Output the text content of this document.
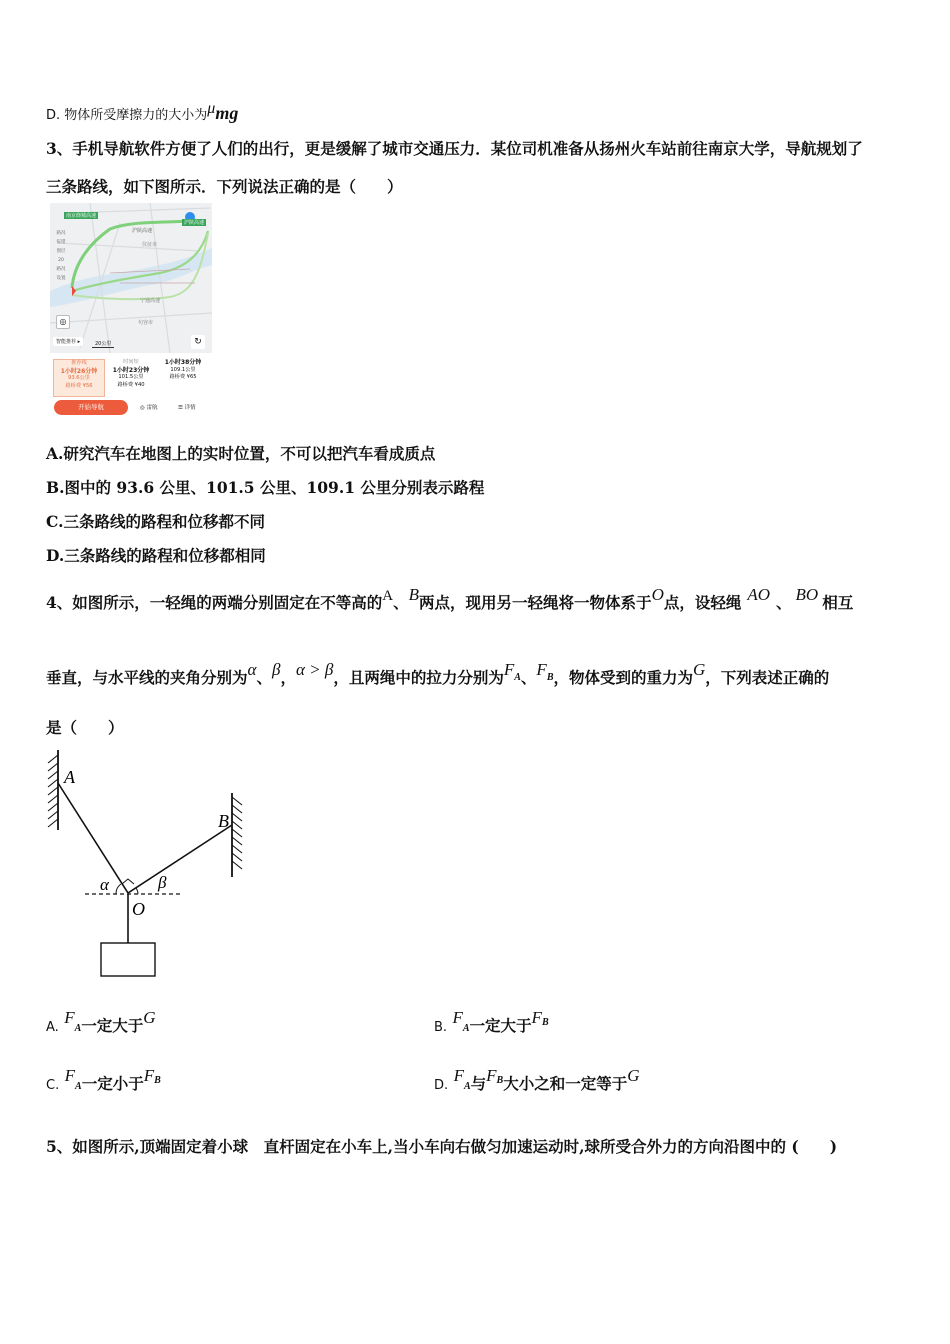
D. 物体所受摩擦力的大小为μmg
3、手机导航软件方便了人们的出行，更是缓解了城市交通压力．某位司机准备从扬州火车站前往南京大学，导航规划了
三条路线，如下图所示．下列说法正确的是（　　）
南京绕城高速
沪陕高速
沪陕高速
仪征市
宁通高速
句容市
路况
报错
图层
20
路况
设置
◎
智能推荐 ▸	20公里	↻
推荐线
1小时26分钟
93.6公里
路桥费 ¥56
时间短
1小时23分钟
101.5公里
路桥费 ¥40
1小时38分钟
109.1公里
路桥费 ¥65
开始导航	◎ 雷航	☰ 详情
A.研究汽车在地图上的实时位置，不可以把汽车看成质点
B.图中的 93.6 公里、101.5 公里、109.1 公里分别表示路程
C.三条路线的路程和位移都不同
D.三条路线的路程和位移都相同
4、如图所示，一轻绳的两端分别固定在不等高的A、B两点，现用另一轻绳将一物体系于O点，设轻绳 AO 、 BO 相互
垂直，与水平线的夹角分别为α、β，α > β，且两绳中的拉力分别为FA、FB，物体受到的重力为G，下列表述正确的
是（　　）
A
B
O
α	β
A. FA一定大于G
B. FA一定大于$F^B$
C. FA一定小于$F^B$	D. FA与$F^B$大小之和一定等于G
5、如图所示,顶端固定着小球　直杆固定在小车上,当小车向右做匀加速运动时,球所受合外力的方向沿图中的 (　　)
